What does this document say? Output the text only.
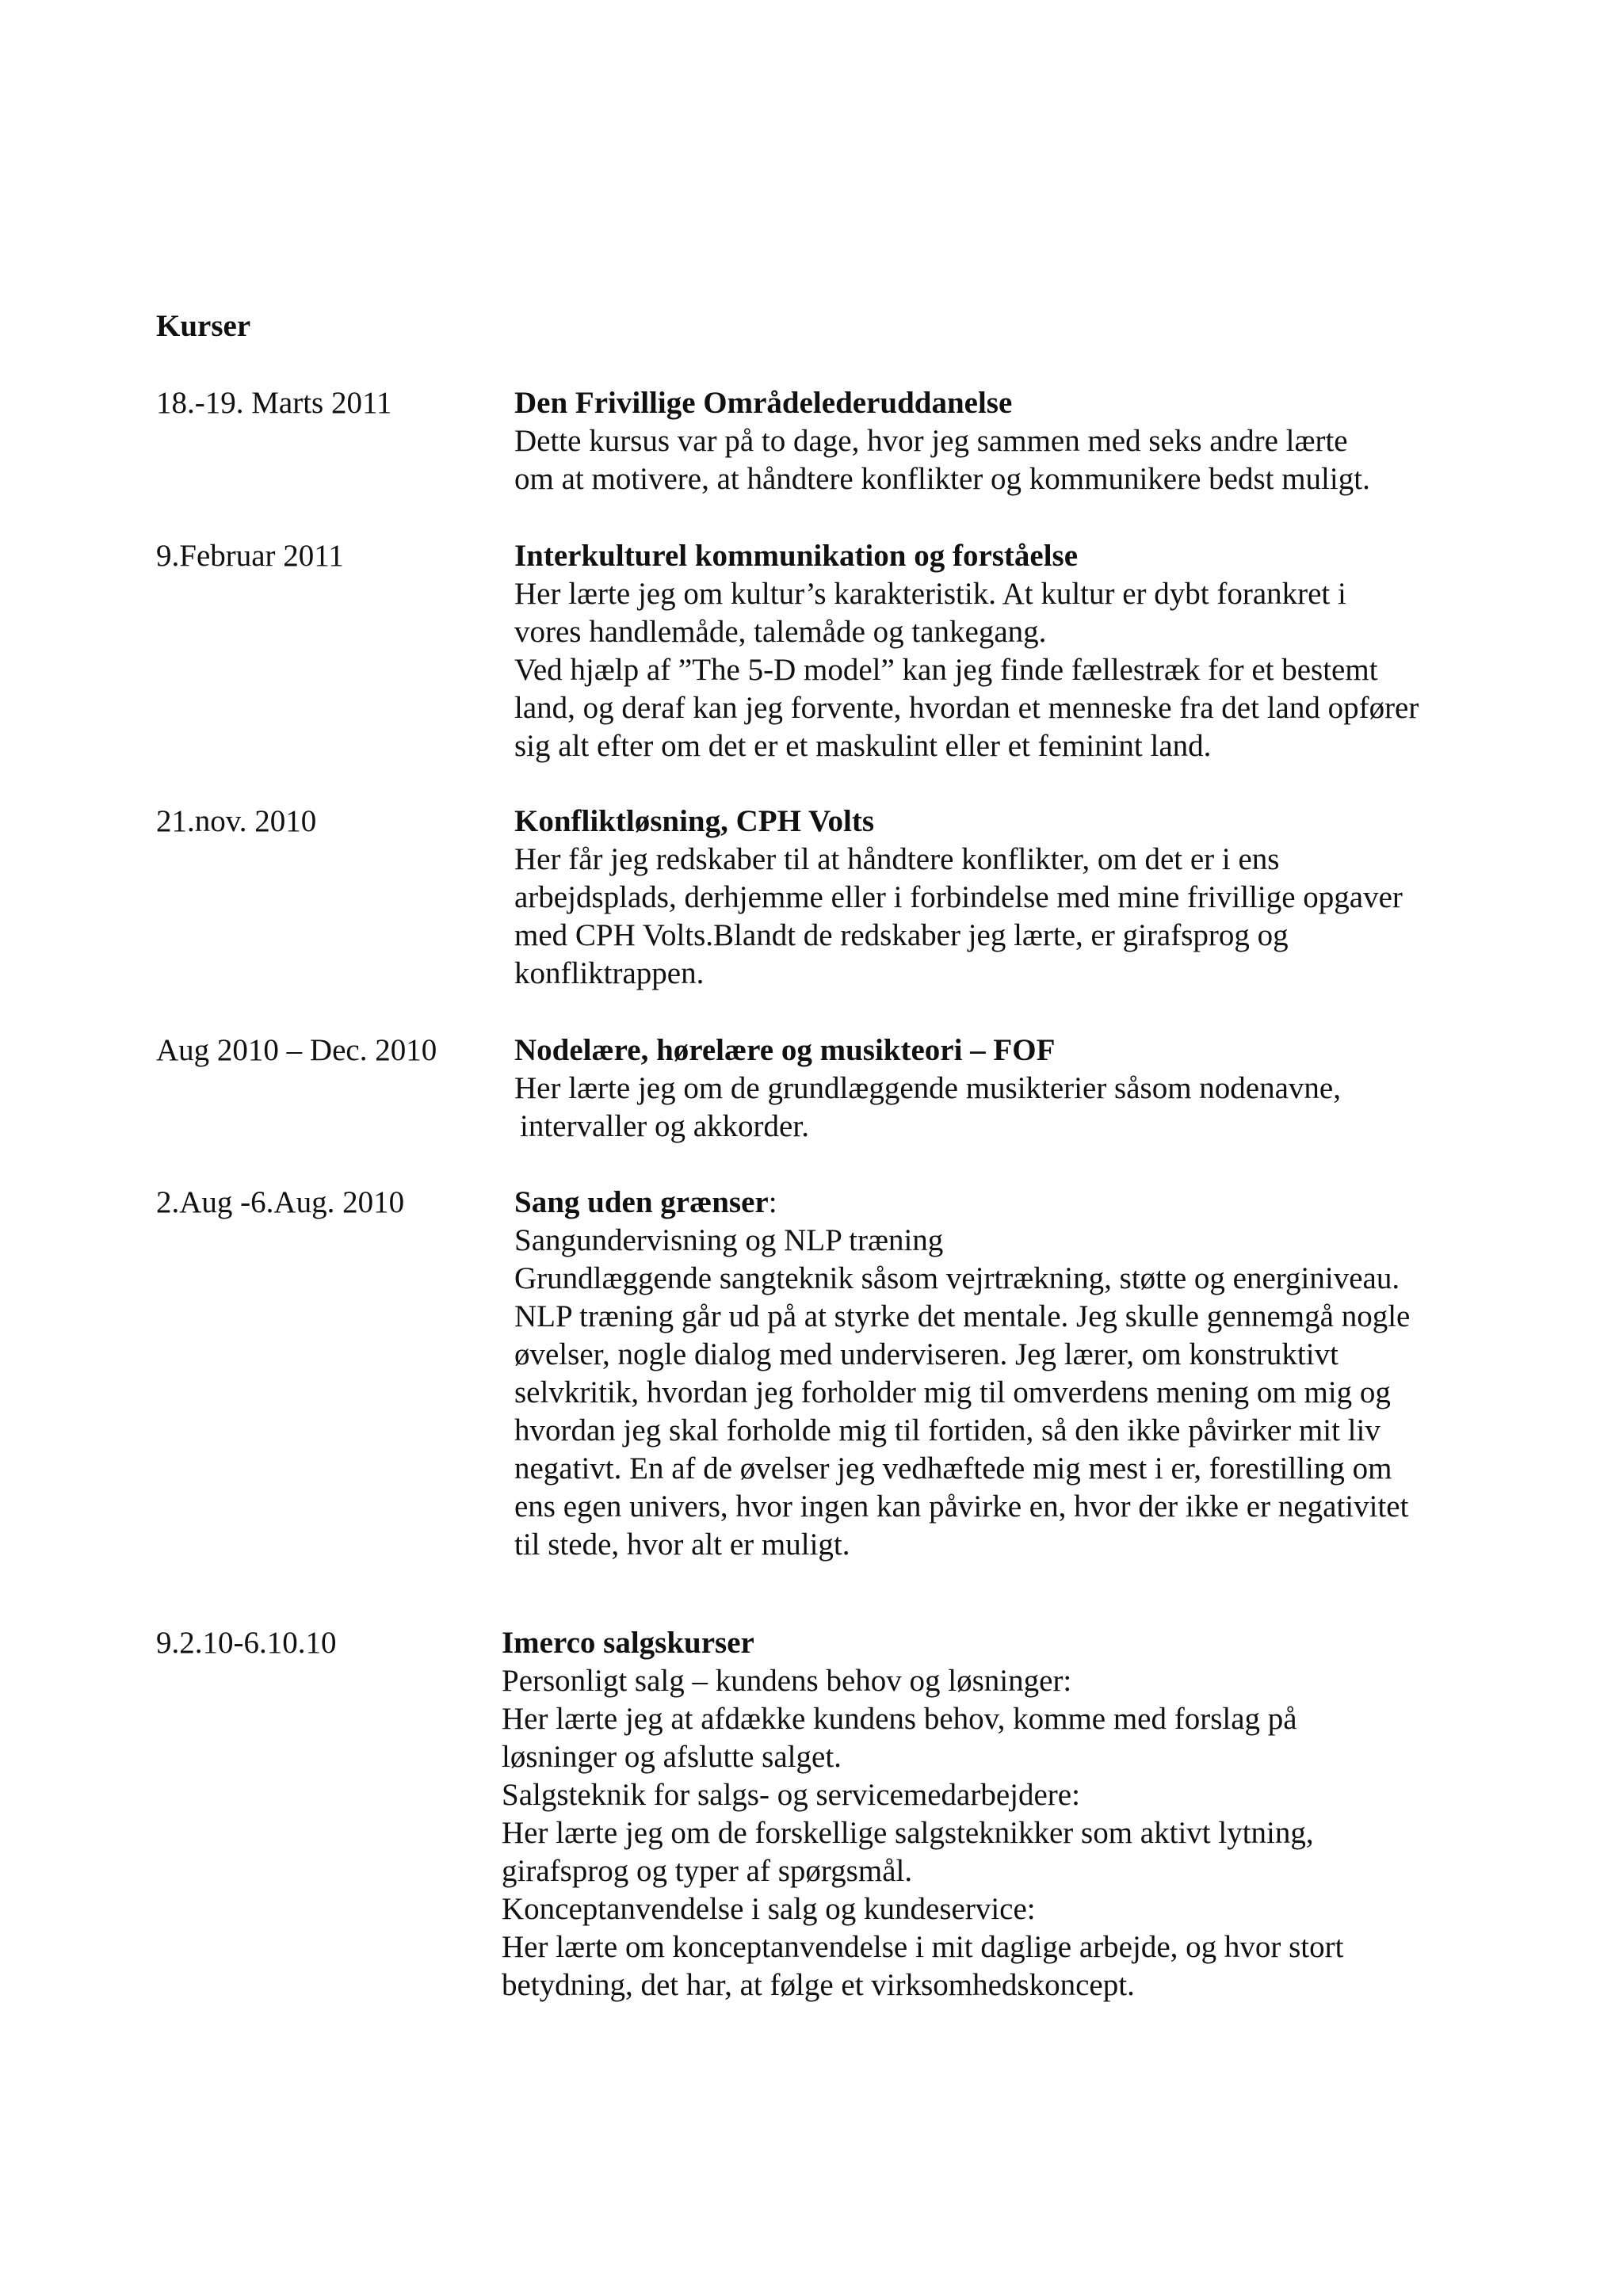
Kurser
18.-19. Marts 2011	Den Frivillige Områdelederuddanelse
Dette kursus var på to dage, hvor jeg sammen med seks andre lærte
om at motivere, at håndtere konflikter og kommunikere bedst muligt.
9.Februar 2011	Interkulturel kommunikation og forståelse
Her lærte jeg om kultur’s karakteristik. At kultur er dybt forankret i
vores handlemåde, talemåde og tankegang.
Ved hjælp af ”The 5-D model” kan jeg finde fællestræk for et bestemt
land, og deraf kan jeg forvente, hvordan et menneske fra det land opfører
sig alt efter om det er et maskulint eller et feminint land.
21.nov. 2010	Konfliktløsning, CPH Volts
Her får jeg redskaber til at håndtere konflikter, om det er i ens
arbejdsplads, derhjemme eller i forbindelse med mine frivillige opgaver
med CPH Volts.Blandt de redskaber jeg lærte, er girafsprog og
konfliktrappen.
Aug 2010 – Dec. 2010	Nodelære, hørelære og musikteori – FOF
Her lærte jeg om de grundlæggende musikterier såsom nodenavne,
intervaller og akkorder.
2.Aug -6.Aug. 2010	Sang uden grænser:
Sangundervisning og NLP træning
Grundlæggende sangteknik såsom vejrtrækning, støtte og energiniveau.
NLP træning går ud på at styrke det mentale. Jeg skulle gennemgå nogle
øvelser, nogle dialog med underviseren. Jeg lærer, om konstruktivt
selvkritik, hvordan jeg forholder mig til omverdens mening om mig og
hvordan jeg skal forholde mig til fortiden, så den ikke påvirker mit liv
negativt. En af de øvelser jeg vedhæftede mig mest i er, forestilling om
ens egen univers, hvor ingen kan påvirke en, hvor der ikke er negativitet
til stede, hvor alt er muligt.
9.2.10-6.10.10	Imerco salgskurser
Personligt salg – kundens behov og løsninger:
Her lærte jeg at afdække kundens behov, komme med forslag på
løsninger og afslutte salget.
Salgsteknik for salgs- og servicemedarbejdere:
Her lærte jeg om de forskellige salgsteknikker som aktivt lytning,
girafsprog og typer af spørgsmål.
Konceptanvendelse i salg og kundeservice:
Her lærte om konceptanvendelse i mit daglige arbejde, og hvor stort
betydning, det har, at følge et virksomhedskoncept.
